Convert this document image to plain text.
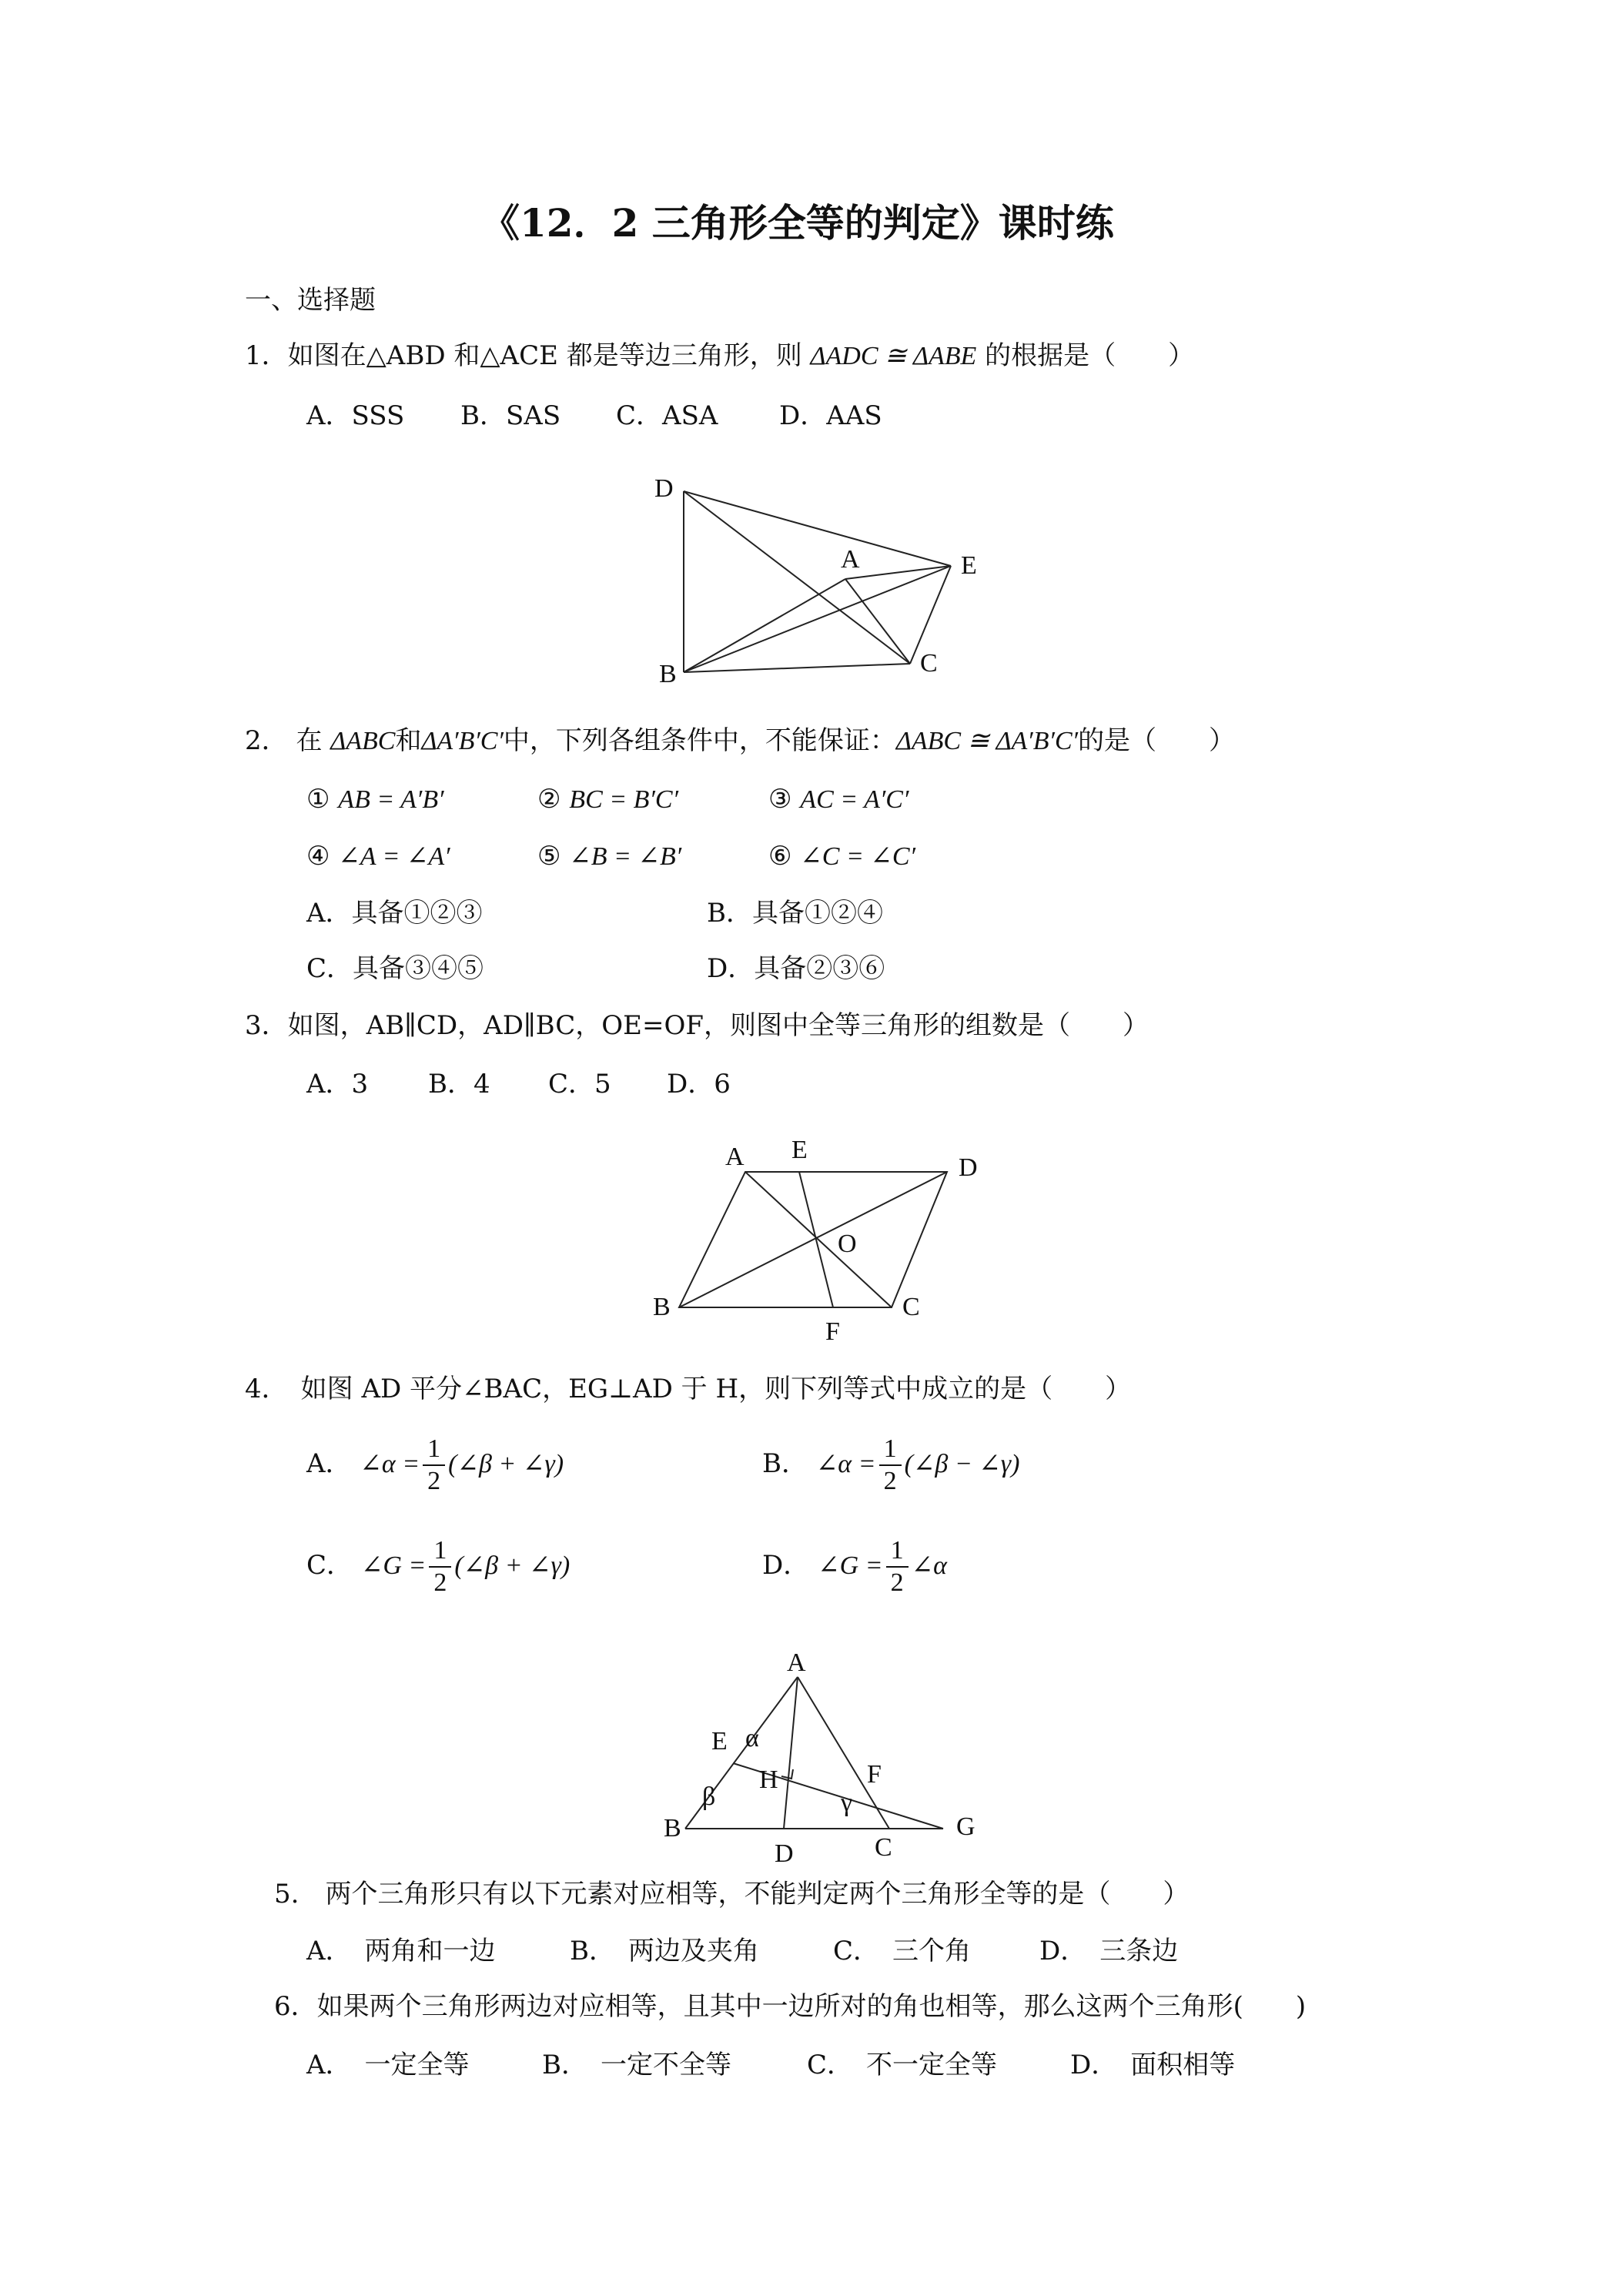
《12．2 三角形全等的判定》课时练
一、选择题
1．如图在△ABD 和△ACE 都是等边三角形，则 ΔADC ≅ ΔABE 的根据是（　　）
A．SSS B．SAS C．ASA D．AAS
D
A	E
B	C
A E
D
O
B	C
F
A
E α
F
H
β	γ
B	G
D	C
2． 在 ΔABC和ΔA′B′C′中，下列各组条件中，不能保证：ΔABC ≅ ΔA′B′C′的是（　　）
① AB = A′B′	② BC = B′C′	③ AC = A′C′
④ ∠A = ∠A′	⑤ ∠B = ∠B′	⑥ ∠C = ∠C′
A．具备①②③	B．具备①②④
C．具备③④⑤	D．具备②③⑥
3．如图，AB∥CD，AD∥BC，OE=OF，则图中全等三角形的组数是（　　）
A．3 B．4 C．5 D．6
4．　如图 AD 平分∠BAC，EG⊥AD 于 H，则下列等式中成立的是（　　）
A． ∠α = $\frac{1}{2}$ (∠β + ∠γ)	B． ∠α = $\frac{1}{2}$ (∠β − ∠γ)
C． ∠G = $\frac{1}{2}$ (∠β + ∠γ)	D． ∠G = $\frac{1}{2}$ ∠α
5.　两个三角形只有以下元素对应相等，不能判定两个三角形全等的是（　　）
A．　两角和一边	B．　两边及夹角	C．　三个角	D．　三条边
6．如果两个三角形两边对应相等，且其中一边所对的角也相等，那么这两个三角形(　　)
A．　一定全等	B．　一定不全等	C．　不一定全等	D．　面积相等
